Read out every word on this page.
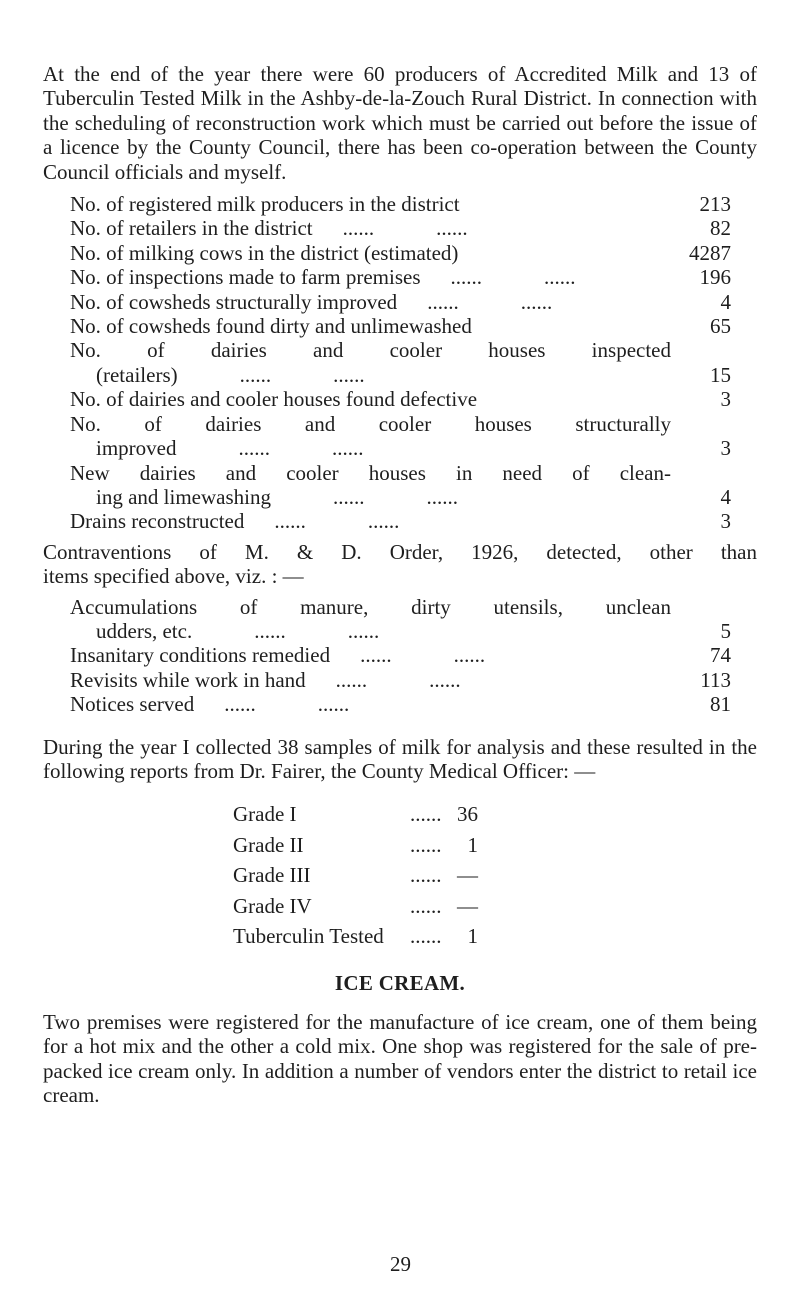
At the end of the year there were 60 producers of Accredited Milk and 13 of Tuberculin Tested Milk in the Ashby-de-la-Zouch Rural District. In connection with the scheduling of reconstruction work which must be carried out before the issue of a licence by the County Council, there has been co-operation between the County Council officials and myself.

No. of registered milk producers in the district	213
No. of retailers in the district ......	......	82
No. of milking cows in the district (estimated)	4287
No. of inspections made to farm premises ......	......	196
No. of cowsheds structurally improved ......	......	4
No. of cowsheds found dirty and unlimewashed	65
No. of dairies and cooler houses inspected
(retailers)	......	......	15
No. of dairies and cooler houses found defective	3
No. of dairies and cooler houses structurally
improved	......	......	3
New dairies and cooler houses in need of clean-
ing and limewashing	......	......	4
Drains reconstructed ......	......	3
Contraventions of M. & D. Order, 1926, detected, other than
items specified above, viz. : —
Accumulations of manure, dirty utensils, unclean
udders, etc.	......	......	5
Insanitary conditions remedied ......	......	74
Revisits while work in hand ......	......	113
Notices served ......	......	81

During the year I collected 38 samples of milk for analysis and these resulted in the following reports from Dr. Fairer, the County Medical Officer: —

Grade I	...... 36
Grade II	......	1
Grade III	...... —
Grade IV	...... —
Tuberculin Tested ......	1
ICE CREAM.

Two premises were registered for the manufacture of ice cream, one of them being for a hot mix and the other a cold mix. One shop was registered for the sale of pre-packed ice cream only. In addition a number of vendors enter the district to retail ice cream.

29
